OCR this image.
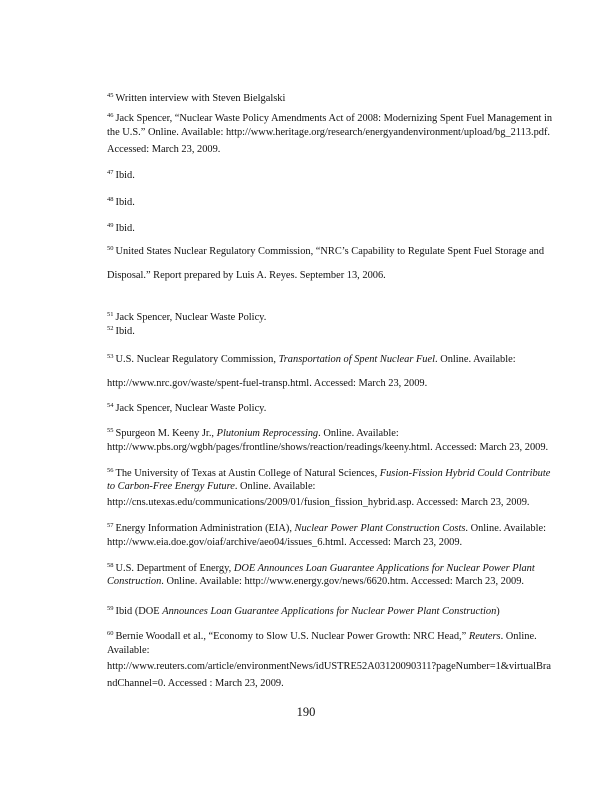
$^{45}$ Written interview with Steven Bielgalski
$^{46}$ Jack Spencer, “Nuclear Waste Policy Amendments Act of 2008: Modernizing Spent Fuel Management in
the U.S.” Online. Available: http://www.heritage.org/research/energyandenvironment/upload/bg_2113.pdf.
Accessed: March 23, 2009.
$^{47}$ Ibid.
$^{48}$ Ibid.
$^{49}$ Ibid.
$^{50}$ United States Nuclear Regulatory Commission, “NRC’s Capability to Regulate Spent Fuel Storage and
Disposal.” Report prepared by Luis A. Reyes. September 13, 2006.
$^{51}$ Jack Spencer, Nuclear Waste Policy.
$^{52}$ Ibid.
$^{53}$ U.S. Nuclear Regulatory Commission, Transportation of Spent Nuclear Fuel. Online. Available:
http://www.nrc.gov/waste/spent-fuel-transp.html. Accessed: March 23, 2009.
$^{54}$ Jack Spencer, Nuclear Waste Policy.
$^{55}$ Spurgeon M. Keeny Jr., Plutonium Reprocessing. Online. Available:
http://www.pbs.org/wgbh/pages/frontline/shows/reaction/readings/keeny.html. Accessed: March 23, 2009.
$^{56}$ The University of Texas at Austin College of Natural Sciences, Fusion-Fission Hybrid Could Contribute
to Carbon-Free Energy Future. Online. Available:
http://cns.utexas.edu/communications/2009/01/fusion_fission_hybrid.asp. Accessed: March 23, 2009.
$^{57}$ Energy Information Administration (EIA), Nuclear Power Plant Construction Costs. Online. Available:
http://www.eia.doe.gov/oiaf/archive/aeo04/issues_6.html. Accessed: March 23, 2009.
$^{58}$ U.S. Department of Energy, DOE Announces Loan Guarantee Applications for Nuclear Power Plant
Construction. Online. Available: http://www.energy.gov/news/6620.htm. Accessed: March 23, 2009.
$^{59}$ Ibid (DOE Announces Loan Guarantee Applications for Nuclear Power Plant Construction)
$^{60}$ Bernie Woodall et al., “Economy to Slow U.S. Nuclear Power Growth: NRC Head,” Reuters. Online.
Available:
http://www.reuters.com/article/environmentNews/idUSTRE52A03120090311?pageNumber=1&virtualBra
ndChannel=0. Accessed : March 23, 2009.
190
